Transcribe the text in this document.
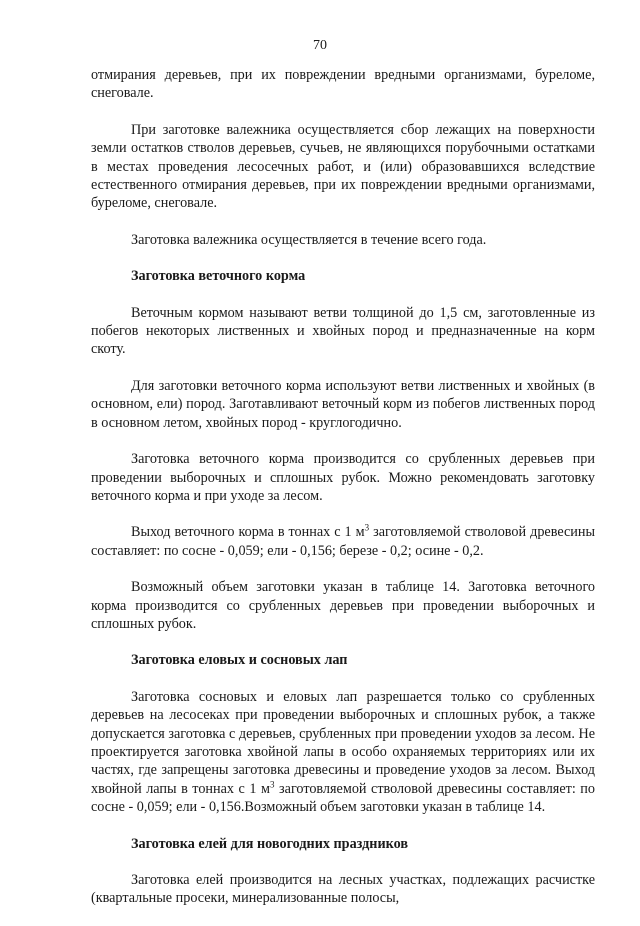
70

отмирания деревьев, при их повреждении вредными организмами, буреломе, снеговале.

При заготовке валежника осуществляется сбор лежащих на поверхности земли остатков стволов деревьев, сучьев, не являющихся порубочными остатками в местах проведения лесосечных работ, и (или) образовавшихся вследствие естественного отмирания деревьев, при их повреждении вредными организмами, буреломе, снеговале.

Заготовка валежника осуществляется в течение всего года.

Заготовка веточного корма

Веточным кормом называют ветви толщиной до 1,5 см, заготовленные из побегов некоторых лиственных и хвойных пород и предназначенные на корм скоту.

Для заготовки веточного корма используют ветви лиственных и хвойных (в основном, ели) пород. Заготавливают веточный корм из побегов лиственных пород в основном летом, хвойных пород - круглогодично.

Заготовка веточного корма производится со срубленных деревьев при проведении выборочных и сплошных рубок. Можно рекомендовать заготовку веточного корма и при уходе за лесом.

Выход веточного корма в тоннах с 1 $м^3$ заготовляемой стволовой древесины составляет: по сосне - 0,059; ели - 0,156; березе - 0,2; осине - 0,2.

Возможный объем заготовки указан в таблице 14. Заготовка веточного корма производится со срубленных деревьев при проведении выборочных и сплошных рубок.

Заготовка еловых и сосновых лап

Заготовка сосновых и еловых лап разрешается только со срубленных деревьев на лесосеках при проведении выборочных и сплошных рубок, а также допускается заготовка с деревьев, срубленных при проведении уходов за лесом. Не проектируется заготовка хвойной лапы в особо охраняемых территориях или их частях, где запрещены заготовка древесины и проведение уходов за лесом. Выход хвойной лапы в тоннах с 1 $м^3$ заготовляемой стволовой древесины составляет: по сосне - 0,059; ели - 0,156.Возможный объем заготовки указан в таблице 14.

Заготовка елей для новогодних праздников

Заготовка елей производится на лесных участках, подлежащих расчистке (квартальные просеки, минерализованные полосы,
